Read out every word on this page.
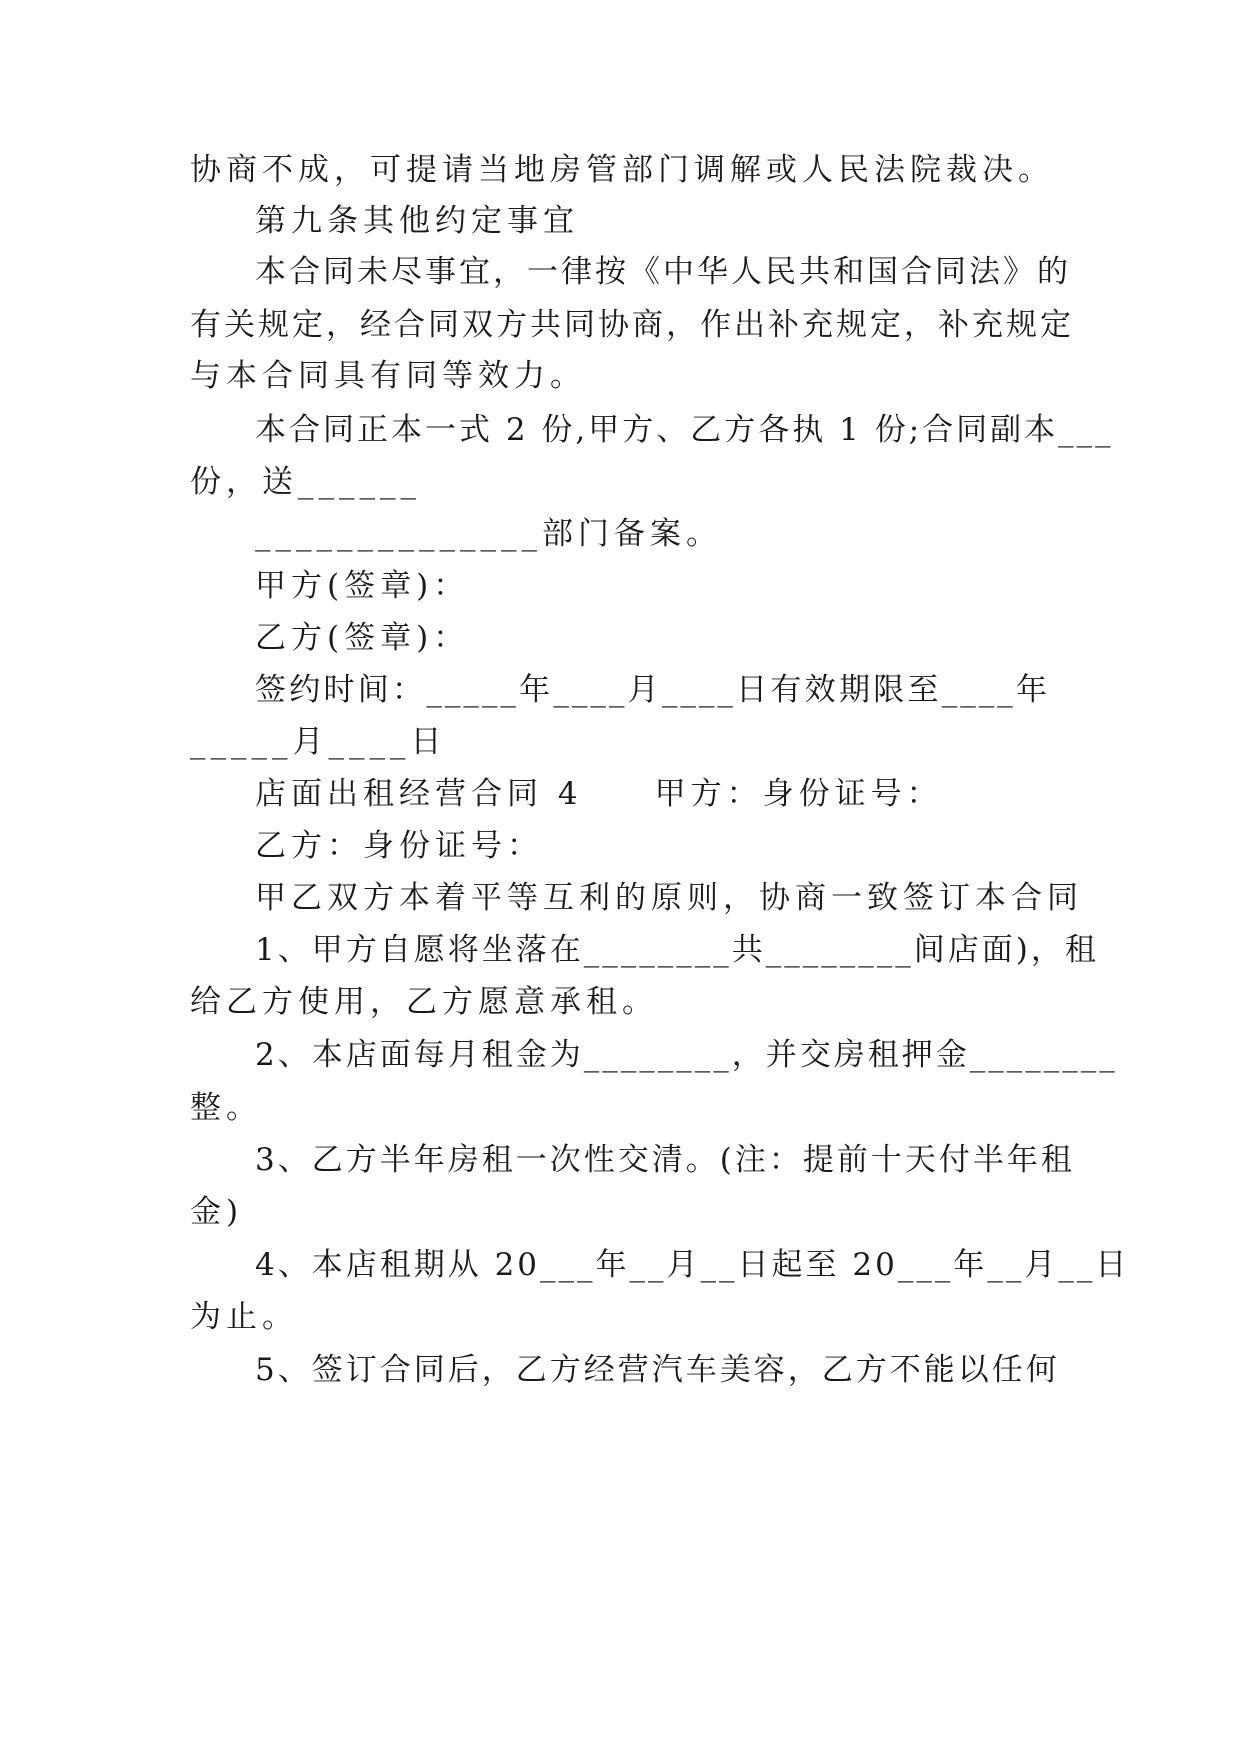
协商不成，可提请当地房管部门调解或人民法院裁决。
第九条其他约定事宜
本合同未尽事宜，一律按《中华人民共和国合同法》的
有关规定，经合同双方共同协商，作出补充规定，补充规定
与本合同具有同等效力。
本合同正本一式 2 份,甲方、乙方各执 1 份;合同副本___
份，送______
______________部门备案。
甲方(签章)：
乙方(签章)：
签约时间：_____年____月____日有效期限至____年
_____月____日
店面出租经营合同 4　　甲方：身份证号：
乙方：身份证号：
甲乙双方本着平等互利的原则，协商一致签订本合同
1、甲方自愿将坐落在________共________间店面)，租
给乙方使用，乙方愿意承租。
2、本店面每月租金为________，并交房租押金________
整。
3、乙方半年房租一次性交清。(注：提前十天付半年租
金)
4、本店租期从 20___年__月__日起至 20___年__月__日
为止。
5、签订合同后，乙方经营汽车美容，乙方不能以任何
